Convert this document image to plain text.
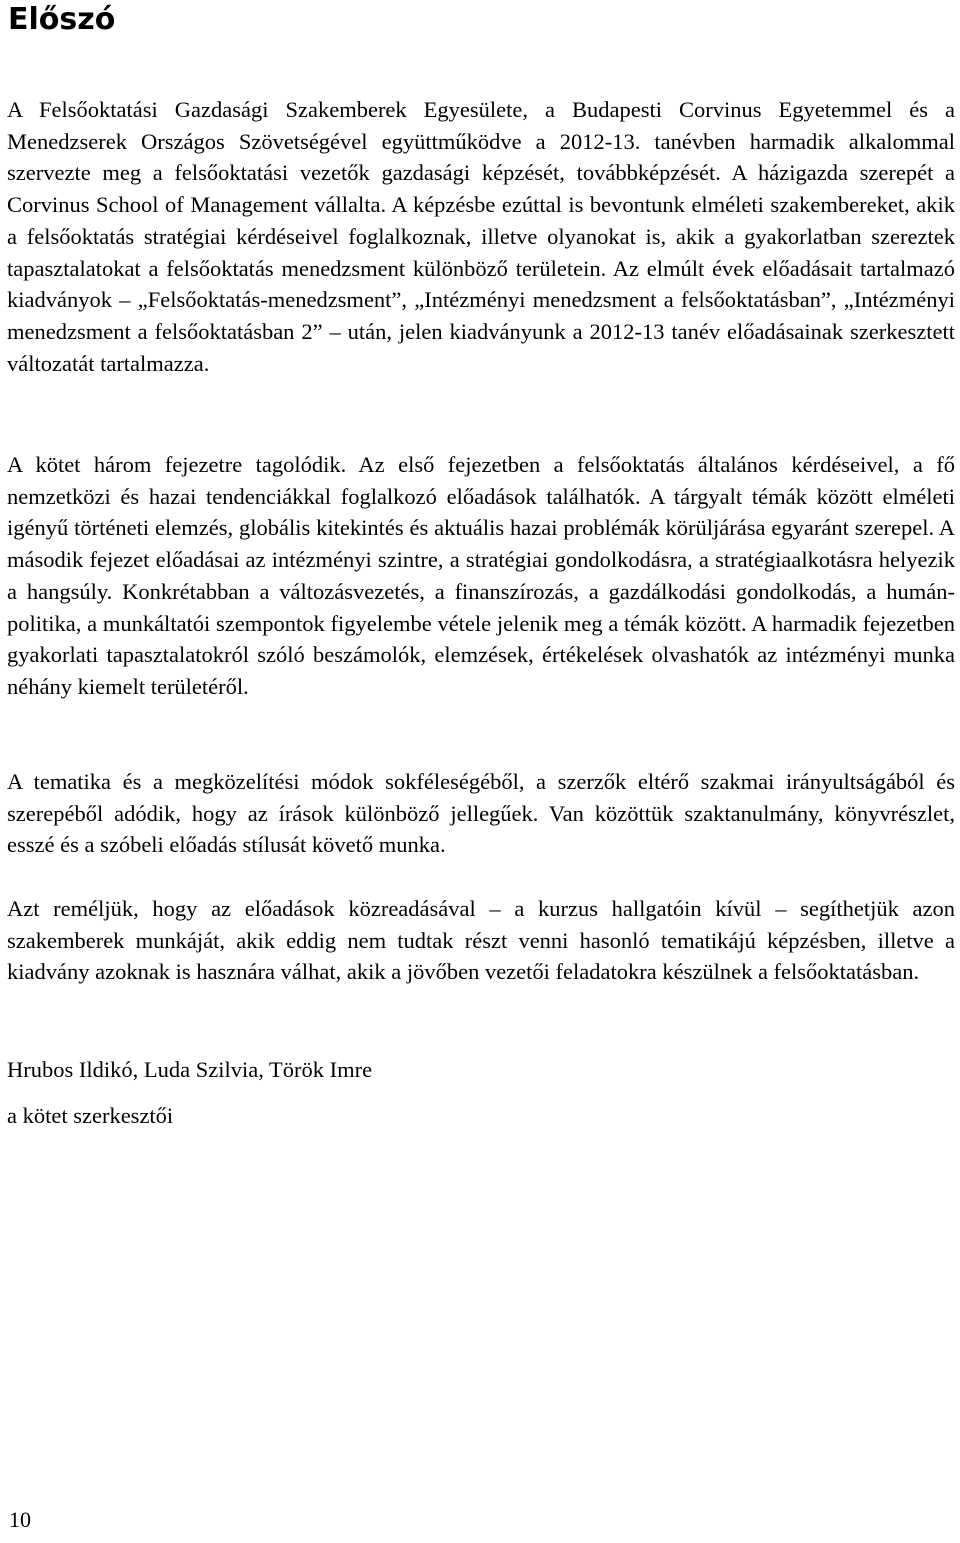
Előszó

A Felsőoktatási Gazdasági Szakemberek Egyesülete, a Budapesti Corvinus Egyetemmel és a Menedzserek Országos Szövetségével együttműködve a 2012-13. tanévben harmadik alkalommal szervezte meg a felsőoktatási vezetők gazdasági képzését, továbbképzését. A házigazda szerepét a Corvinus School of Management vállalta. A képzésbe ezúttal is bevontunk elméleti szakembereket, akik a felsőoktatás stratégiai kérdéseivel foglalkoznak, illetve olyanokat is, akik a gyakorlatban szereztek tapasztalatokat a felsőoktatás menedzsment különböző területein. Az elmúlt évek előadásait tartalmazó kiadványok – „Felsőoktatás-menedzsment”, „Intézményi menedzsment a felsőoktatásban”, „Intézményi menedzsment a felsőoktatásban 2” – után, jelen kiadványunk a 2012-13 tanév előadásainak szerkesztett változatát tartalmazza.

A kötet három fejezetre tagolódik. Az első fejezetben a felsőoktatás általános kérdéseivel, a fő nemzetközi és hazai tendenciákkal foglalkozó előadások találhatók. A tárgyalt témák között elméleti igényű történeti elemzés, globális kitekintés és aktuális hazai problémák körüljárása egyaránt szerepel. A második fejezet előadásai az intézményi szintre, a stratégiai gondolkodásra, a stratégiaalkotásra helyezik a hangsúly. Konkrétabban a változásvezetés, a finanszírozás, a gazdálkodási gondolkodás, a humán-politika, a munkáltatói szempontok figyelembe vétele jelenik meg a témák között. A harmadik fejezetben gyakorlati tapasztalatokról szóló beszámolók, elemzések, értékelések olvashatók az intézményi munka néhány kiemelt területéről.

A tematika és a megközelítési módok sokféleségéből, a szerzők eltérő szakmai irányultságából és szerepéből adódik, hogy az írások különböző jellegűek. Van közöttük szaktanulmány, könyvrészlet, esszé és a szóbeli előadás stílusát követő munka.

Azt reméljük, hogy az előadások közreadásával – a kurzus hallgatóin kívül – segíthetjük azon szakemberek munkáját, akik eddig nem tudtak részt venni hasonló tematikájú képzésben, illetve a kiadvány azoknak is hasznára válhat, akik a jövőben vezetői feladatokra készülnek a felsőoktatásban.

Hrubos Ildikó, Luda Szilvia, Török Imre

a kötet szerkesztői

10
